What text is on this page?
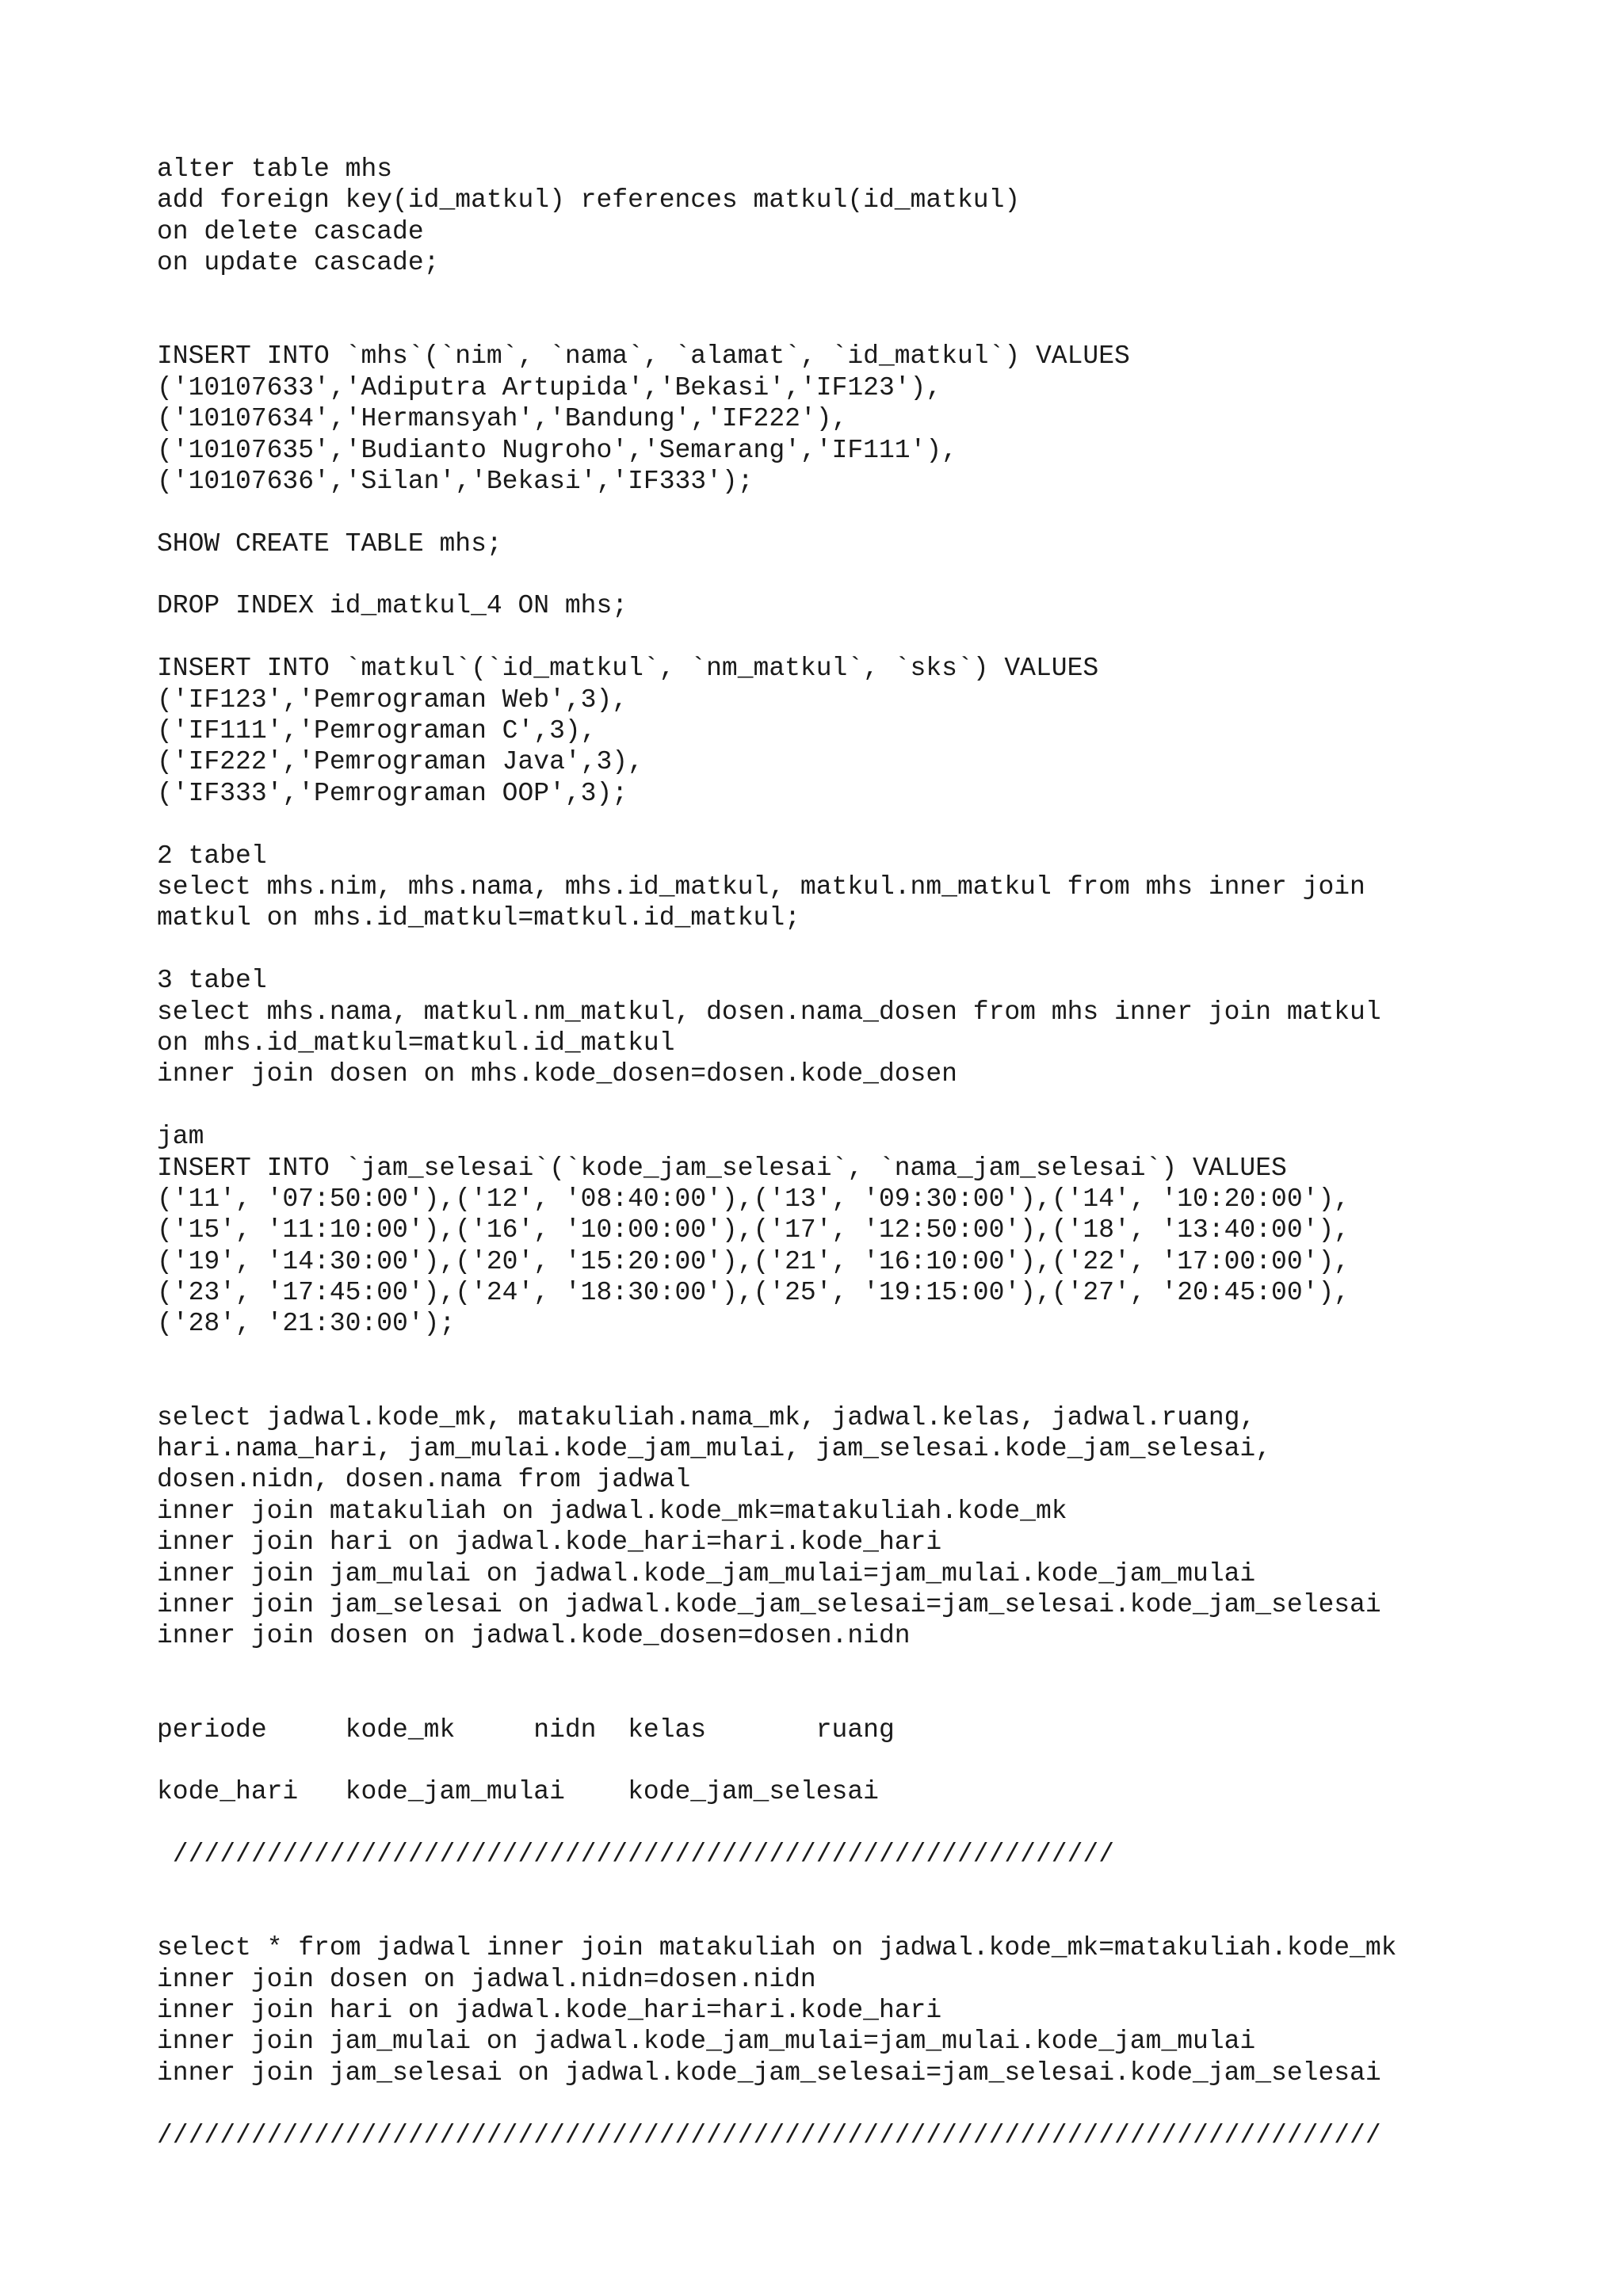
alter table mhs
add foreign key(id_matkul) references matkul(id_matkul)
on delete cascade
on update cascade;
INSERT INTO `mhs`(`nim`, `nama`, `alamat`, `id_matkul`) VALUES
('10107633','Adiputra Artupida','Bekasi','IF123'),
('10107634','Hermansyah','Bandung','IF222'),
('10107635','Budianto Nugroho','Semarang','IF111'),
('10107636','Silan','Bekasi','IF333');
SHOW CREATE TABLE mhs;
DROP INDEX id_matkul_4 ON mhs;
INSERT INTO `matkul`(`id_matkul`, `nm_matkul`, `sks`) VALUES
('IF123','Pemrograman Web',3),
('IF111','Pemrograman C',3),
('IF222','Pemrograman Java',3),
('IF333','Pemrograman OOP',3);
2 tabel
select mhs.nim, mhs.nama, mhs.id_matkul, matkul.nm_matkul from mhs inner join
matkul on mhs.id_matkul=matkul.id_matkul;
3 tabel
select mhs.nama, matkul.nm_matkul, dosen.nama_dosen from mhs inner join matkul
on mhs.id_matkul=matkul.id_matkul
inner join dosen on mhs.kode_dosen=dosen.kode_dosen
jam
INSERT INTO `jam_selesai`(`kode_jam_selesai`, `nama_jam_selesai`) VALUES
('11', '07:50:00'),('12', '08:40:00'),('13', '09:30:00'),('14', '10:20:00'),
('15', '11:10:00'),('16', '10:00:00'),('17', '12:50:00'),('18', '13:40:00'),
('19', '14:30:00'),('20', '15:20:00'),('21', '16:10:00'),('22', '17:00:00'),
('23', '17:45:00'),('24', '18:30:00'),('25', '19:15:00'),('27', '20:45:00'),
('28', '21:30:00');
select jadwal.kode_mk, matakuliah.nama_mk, jadwal.kelas, jadwal.ruang,
hari.nama_hari, jam_mulai.kode_jam_mulai, jam_selesai.kode_jam_selesai,
dosen.nidn, dosen.nama from jadwal
inner join matakuliah on jadwal.kode_mk=matakuliah.kode_mk
inner join hari on jadwal.kode_hari=hari.kode_hari
inner join jam_mulai on jadwal.kode_jam_mulai=jam_mulai.kode_jam_mulai
inner join jam_selesai on jadwal.kode_jam_selesai=jam_selesai.kode_jam_selesai
inner join dosen on jadwal.kode_dosen=dosen.nidn
periode     kode_mk     nidn  kelas       ruang
kode_hari   kode_jam_mulai    kode_jam_selesai
////////////////////////////////////////////////////////////
select * from jadwal inner join matakuliah on jadwal.kode_mk=matakuliah.kode_mk
inner join dosen on jadwal.nidn=dosen.nidn
inner join hari on jadwal.kode_hari=hari.kode_hari
inner join jam_mulai on jadwal.kode_jam_mulai=jam_mulai.kode_jam_mulai
inner join jam_selesai on jadwal.kode_jam_selesai=jam_selesai.kode_jam_selesai
//////////////////////////////////////////////////////////////////////////////
